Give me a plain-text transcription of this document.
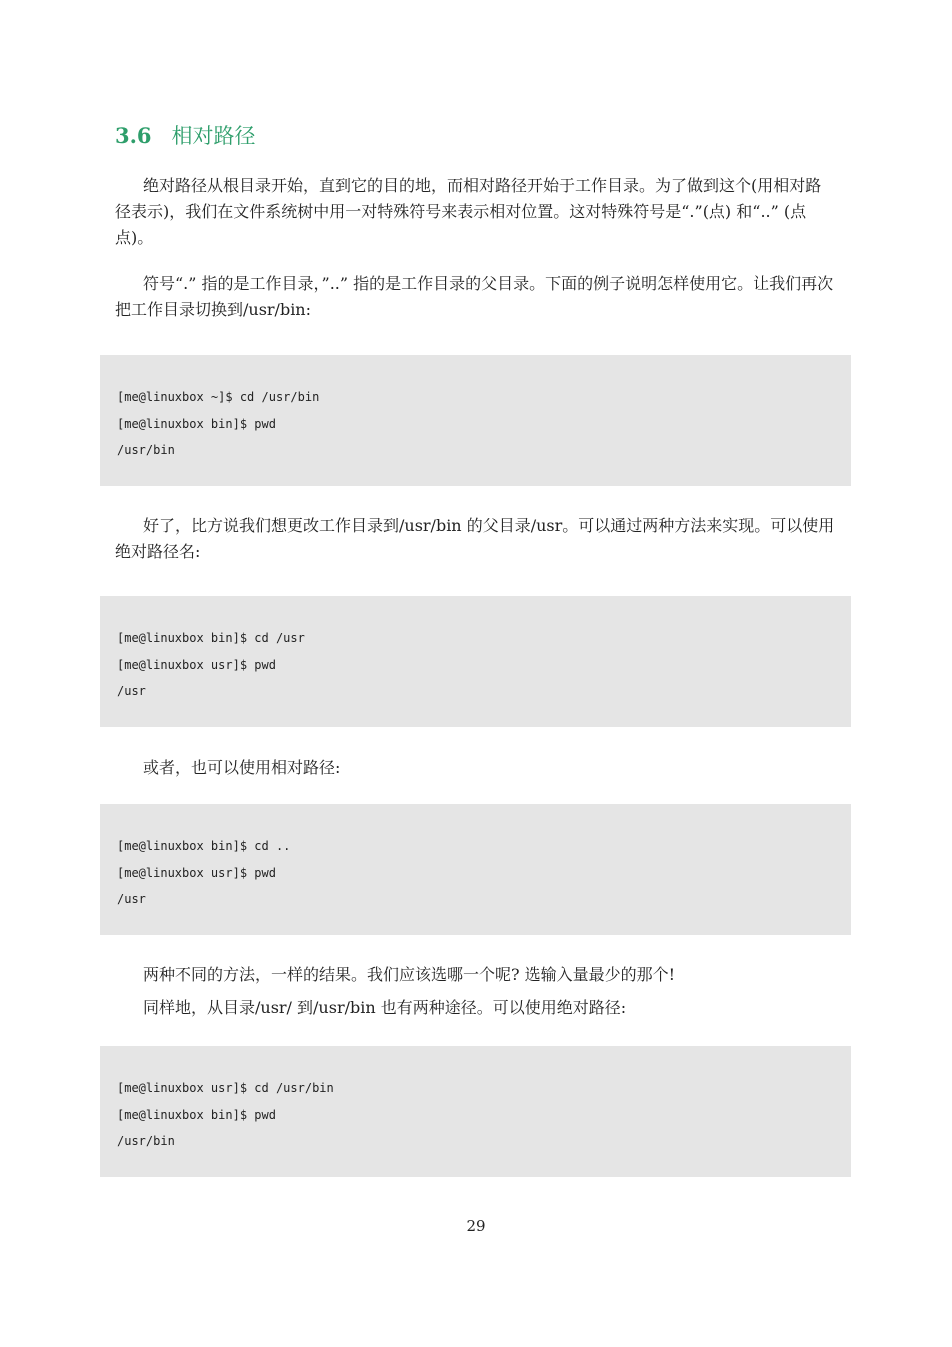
3.6 相对路径

绝对路径从根目录开始，直到它的目的地，而相对路径开始于工作目录。为了做到这个(用相对路径表示)，我们在文件系统树中用一对特殊符号来表示相对位置。这对特殊符号是“.”(点) 和“..” (点点)。

符号“.” 指的是工作目录，”..” 指的是工作目录的父目录。下面的例子说明怎样使用它。让我们再次把工作目录切换到/usr/bin:

[me@linuxbox ~]$ cd /usr/bin
[me@linuxbox bin]$ pwd
/usr/bin

好了，比方说我们想更改工作目录到/usr/bin 的父目录/usr。可以通过两种方法来实现。可以使用绝对路径名:

[me@linuxbox bin]$ cd /usr
[me@linuxbox usr]$ pwd
/usr

或者，也可以使用相对路径:

[me@linuxbox bin]$ cd ..
[me@linuxbox usr]$ pwd
/usr

两种不同的方法，一样的结果。我们应该选哪一个呢? 选输入量最少的那个!

同样地，从目录/usr/ 到/usr/bin 也有两种途径。可以使用绝对路径:

[me@linuxbox usr]$ cd /usr/bin
[me@linuxbox bin]$ pwd
/usr/bin
29
